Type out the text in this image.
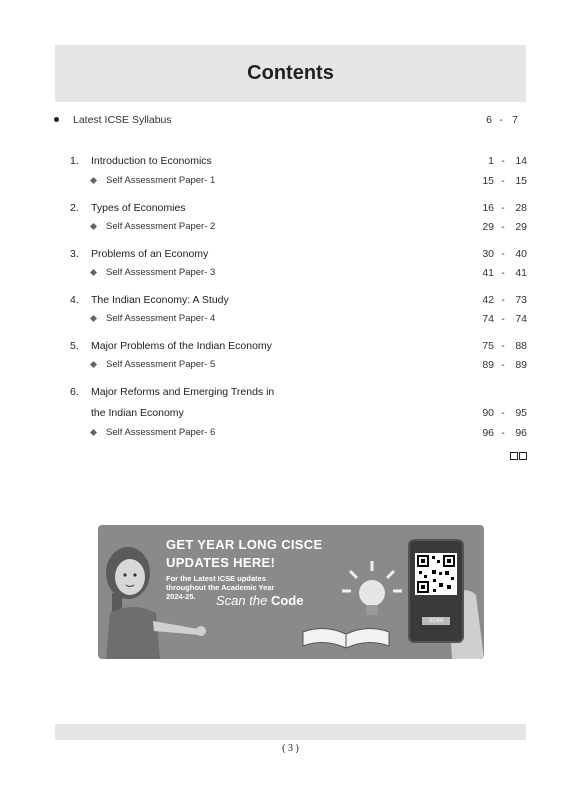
Contents
Latest ICSE Syllabus	6 - 7
1. Introduction to Economics	1 -	14
Self Assessment Paper- 1	15 -	15
2. Types of Economies	16 -	28
Self Assessment Paper- 2	29 -	29
3. Problems of an Economy	30 -	40
Self Assessment Paper- 3	41 -	41
4. The Indian Economy: A Study	42 -	73
Self Assessment Paper- 4	74 -	74
5. Major Problems of the Indian Economy	75 -	88
Self Assessment Paper- 5	89 -	89
6. Major Reforms and Emerging Trends in
the Indian Economy	90 -	95
Self Assessment Paper- 6	96 -	96
GET YEAR LONG CISCE
UPDATES HERE!
For the Latest ICSE updates
throughout the Academic Year
2024-25. Scan the Code
SCAN
( 3 )
